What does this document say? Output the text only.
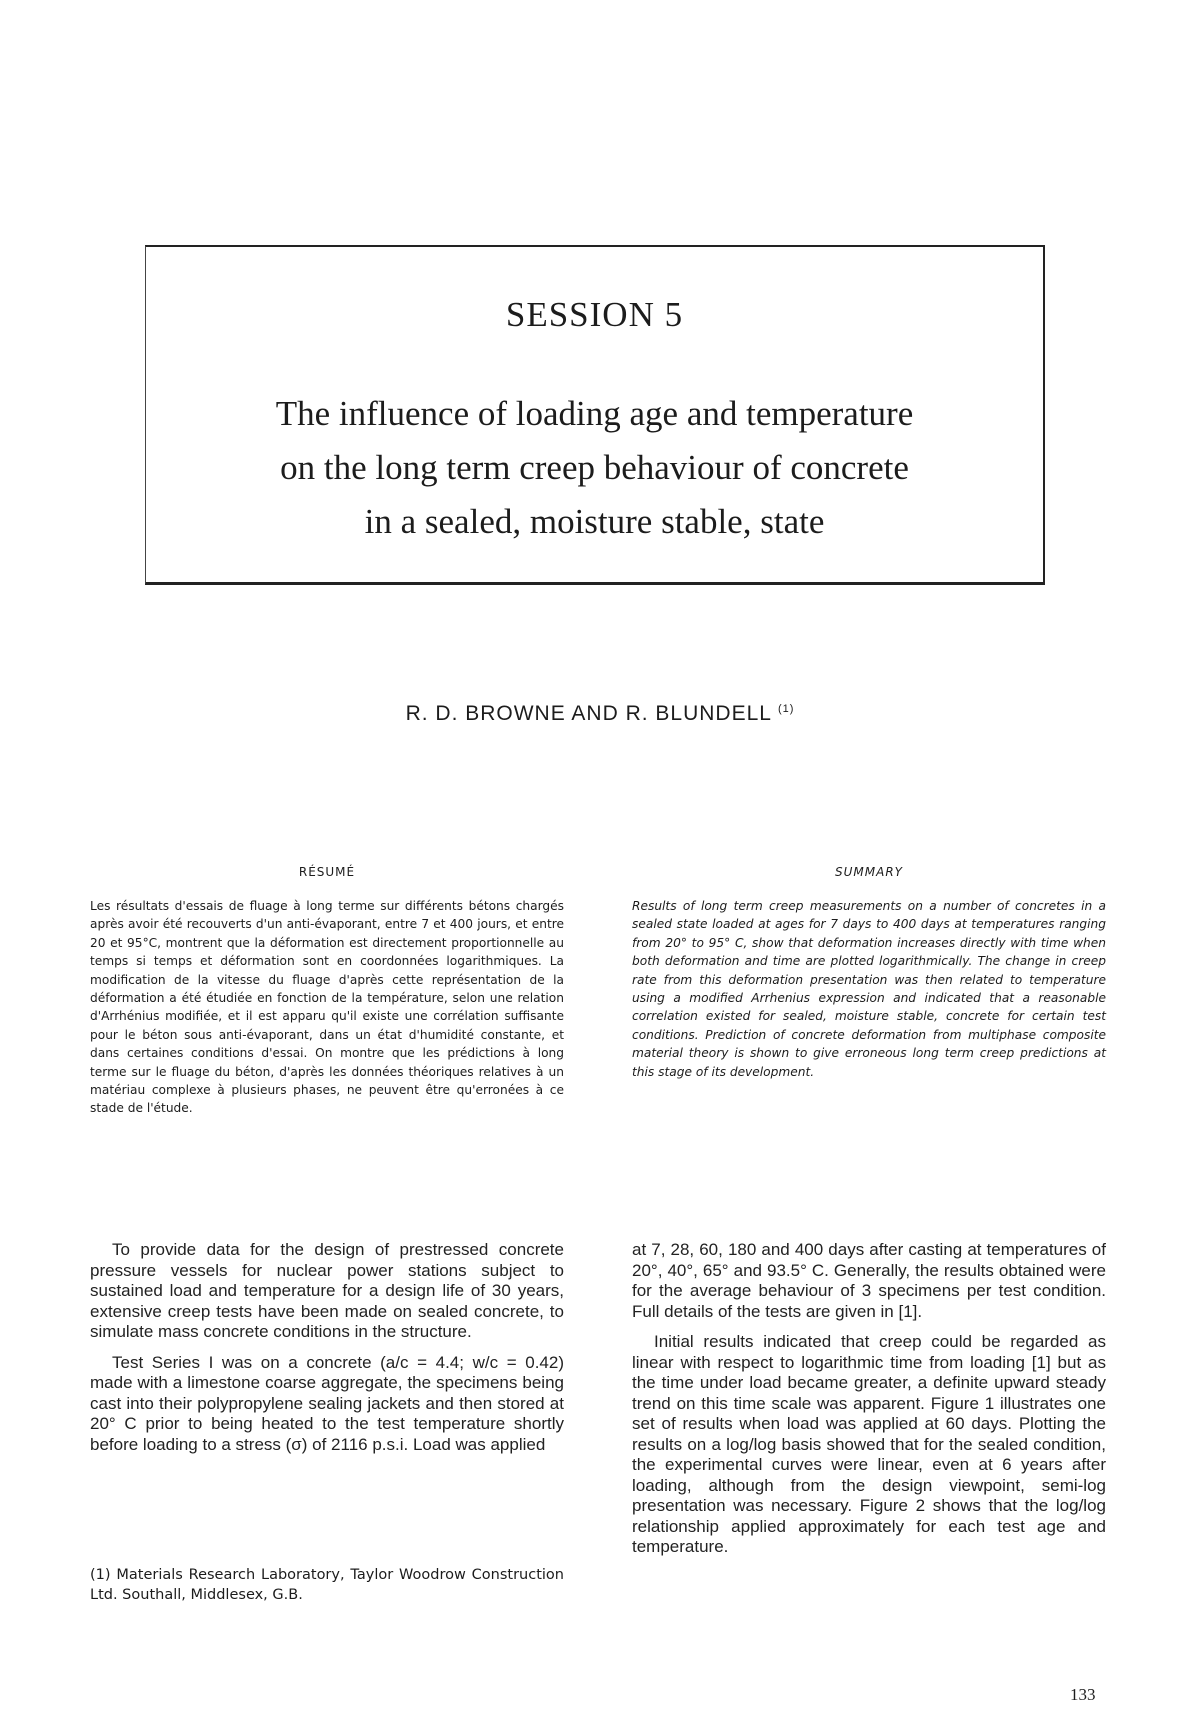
SESSION 5
The influence of loading age and temperature
on the long term creep behaviour of concrete
in a sealed, moisture stable, state
R. D. BROWNE AND R. BLUNDELL $^{(1)}$
RÉSUMÉ

Les résultats d'essais de fluage à long terme sur différents bétons chargés après avoir été recouverts d'un anti-évaporant, entre 7 et 400 jours, et entre 20 et 95°C, montrent que la déformation est directement proportionnelle au temps si temps et déformation sont en coordonnées logarithmiques. La modification de la vitesse du fluage d'après cette représentation de la déformation a été étudiée en fonction de la température, selon une relation d'Arrhénius modifiée, et il est apparu qu'il existe une corrélation suffisante pour le béton sous anti-évaporant, dans un état d'humidité constante, et dans certaines conditions d'essai. On montre que les prédictions à long terme sur le fluage du béton, d'après les données théoriques relatives à un matériau complexe à plusieurs phases, ne peuvent être qu'erronées à ce stade de l'étude.

SUMMARY

Results of long term creep measurements on a number of concretes in a sealed state loaded at ages for 7 days to 400 days at temperatures ranging from 20° to 95° C, show that deformation increases directly with time when both deformation and time are plotted logarithmically. The change in creep rate from this deformation presentation was then related to temperature using a modified Arrhenius expression and indicated that a reasonable correlation existed for sealed, moisture stable, concrete for certain test conditions. Prediction of concrete deformation from multiphase composite material theory is shown to give erroneous long term creep predictions at this stage of its development.

To provide data for the design of prestressed concrete pressure vessels for nuclear power stations subject to sustained load and temperature for a design life of 30 years, extensive creep tests have been made on sealed concrete, to simulate mass concrete conditions in the structure.

Test Series I was on a concrete (a/c = 4.4; w/c = 0.42) made with a limestone coarse aggregate, the specimens being cast into their polypropylene sealing jackets and then stored at 20° C prior to being heated to the test temperature shortly before loading to a stress (σ) of 2116 p.s.i. Load was applied

at 7, 28, 60, 180 and 400 days after casting at temperatures of 20°, 40°, 65° and 93.5° C. Generally, the results obtained were for the average behaviour of 3 specimens per test condition. Full details of the tests are given in [1].

Initial results indicated that creep could be regarded as linear with respect to logarithmic time from loading [1] but as the time under load became greater, a definite upward steady trend on this time scale was apparent. Figure 1 illustrates one set of results when load was applied at 60 days. Plotting the results on a log/log basis showed that for the sealed condition, the experimental curves were linear, even at 6 years after loading, although from the design viewpoint, semi-log presentation was necessary. Figure 2 shows that the log/log relationship applied approximately for each test age and temperature.

(1) Materials Research Laboratory, Taylor Woodrow Construction Ltd. Southall, Middlesex, G.B.

133
